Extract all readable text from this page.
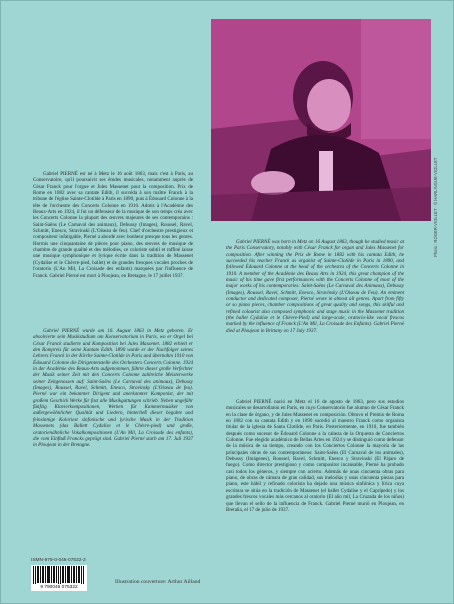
Photo : ROGER-VIOLLET · © HARLINGUE-VIOLLET

Gabriel PIERNÉ est né à Metz le 16 août 1863, mais c'est à Paris, au Conservatoire, qu'il poursuivit ses études musicales, notamment auprès de César Franck pour l'orgue et Jules Massenet pour la composition. Prix de Rome en 1882 avec sa cantate Edith, il succéda à son maître Franck à la tribune de l'église Sainte-Clotilde à Paris en 1890, puis à Édouard Colonne à la tête de l'orchestre des Concerts Colonne en 1910. Admis à l'Académie des Beaux-Arts en 1924, il fut un défenseur de la musique de son temps créa avec les Concerts Colonne la plupart des œuvres majeures de ses contemporains : Saint-Saëns (Le Carnaval des animaux), Debussy (Images), Roussel, Ravel, Schmitt, Enesco, Stravinski (L'Oiseau de feu). Chef d'orchestre prestigieux et compositeur infatigable, Pierné a abordé avec bonheur presque tous les genres. Hormis une cinquantaine de pièces pour piano, des œuvres de musique de chambre de grande qualité et des mélodies, ce coloriste subtil et raffiné laisse une musique symphonique et lyrique écrite dans la tradition de Massenet (Cydalise et le Chèvre-pied, ballet) et de grandes fresques vocales proches de l'oratorio (L'An Mil, La Croisade des enfants) marquées par l'influence de Franck. Gabriel Pierné est mort à Ploujean, en Bretagne, le 17 juillet 1937.

Gabriel PIERNÉ wurde am 16. August 1863 in Metz geboren. Er absolvierte sein Musikstudium am Konservatorium in Paris, wo er Orgel bei César Franck studierte und Komposition bei Jules Massenet. 1882 erhielt er den Rompreis für seine Kantate Edith. 1890 wurde er der Nachfolger seines Lehrers Franck in der Kirche Sainte-Clotilde in Paris und übernahm 1910 von Édouard Colonne die Dirigentenstelle des Orchesters Concerts Colonne. 1924 in der Académie des Beaux-Arts aufgenommen, führte dieser große Verfechter der Musik seiner Zeit mit den Concerts Colonne zahlreiche Meisterwerke seiner Zeitgenossen auf: Saint-Saëns (Le Carnaval des animaux), Debussy (Images), Roussel, Ravel, Schmitt, Enesco, Stravinsky (L'Oiseau de feu). Pierné war ein bekannter Dirigent und anerkannter Komponist, der mit großem Geschick Werke für fast alle Musikgattungen schrieb. Neben ungefähr fünfzig Klavierkompositionen, Werken für Kammermusiker von außergewöhnlicher Qualität und Liedern, hinterließ dieser begabte und feinsinnige Koloriest sinfonische und lyrische Musik in der Tradition Massenets (das Ballett Cydalise et le Chèvre-pied) und große, oratorienähnliche Vokalkompositionen (L'An Mil, La Croisade des enfants), die vom Einfluß Francks geprägt sind. Gabriel Pierné starb am 17. Juli 1937 in Ploujean in der Bretagne.

Gabriel PIERNÉ was born in Metz on 16 August 1863, though he studied music at the Paris Conservatory, notably with César Franck for organ and Jules Massenet for composition. After winning the Prix de Rome in 1882 with his cantata Edith, he succeeded his teacher Franck as organist of Sainte-Clotilde in Paris in 1890, and followed Édouard Colonne at the head of the orchestra of the Concerts Colonne in 1910. A member of the Académie des Beaux Arts in 1924, this great champion of the music of his time gave first performances with the Concerts Colonne of most of the major works of his contemporaries: Saint-Saëns (Le Carnaval des Animaux), Debussy (Images), Roussel, Ravel, Schmitt, Enesco, Stravinsky (L'Oiseau de Feu). An eminent conductor and dedicated composer, Pierné wrote in almost all genres. Apart from fifty or so piano pieces, chamber compositions of great quality and songs, this skilful and refined colourist also composed symphonic and stage music in the Massenet tradition (the ballet Cydalise et le Chèvre-Pied) and large-scale, oratorio-like vocal frescos marked by the influence of Franck (L'An Mil, La Croisade des Enfants). Gabriel Pierné died at Ploujean in Brittany on 17 July 1937.

Gabriel PIERNÉ nació en Metz el 16 de agosto de 1863, pero sus estudios musicales se desarrollaron en París, en cuyo Conservatorio fue alumno de César Franck en la clase de órgano, y de Jules Massenet en composición. Obtuvo el Premio de Roma en 1882 con su cantata Edith y en 1890 sucedió al maestro Franck como organista titular de la iglesia de Santa Clotilde, en París. Posteriormente, en 1910, fue también después como sucesor de Édouard Colonne a la cabeza de la Orquesta de Conciertos Colonne. Fue elegido académico de Bellas Artes en 1924 y se distinguió como defensor de la música de su tiempo, creando con los Conciertos Colonne la mayoría de las principales obras de sus contemporáneos: Saint-Saëns (El Carnaval de los animales), Debussy (Imágenes), Roussel, Ravel, Schmitt, Enesco y Stravinski (El Pájaro de fuego). Como director prestigioso y como compositor incansable, Pierné ha probado casi todos los géneros, y siempre con acierto. Además de unas cincuenta obras para piano, de obras de cámara de gran calidad, sus melodías y unas cincuenta piezas para piano, este hábil y refinado colorista ha dejado una música sinfónica y lírica cuya escritura se sitúa en la tradición de Massenet (el ballet Cydalise y el Caprípedo) y los grandes frescos vocales más cercanos al oratorio (El año mil, La Cruzada de los niños) que llevan el sello de la influencia de Franck. Gabriel Pierné murió en Ploujean, en Bretaña, el 17 de julio de 1937.

ISMN-979-0-046-07532-2
9 790046 075322
Illustration couverture: Arthur Ailland
